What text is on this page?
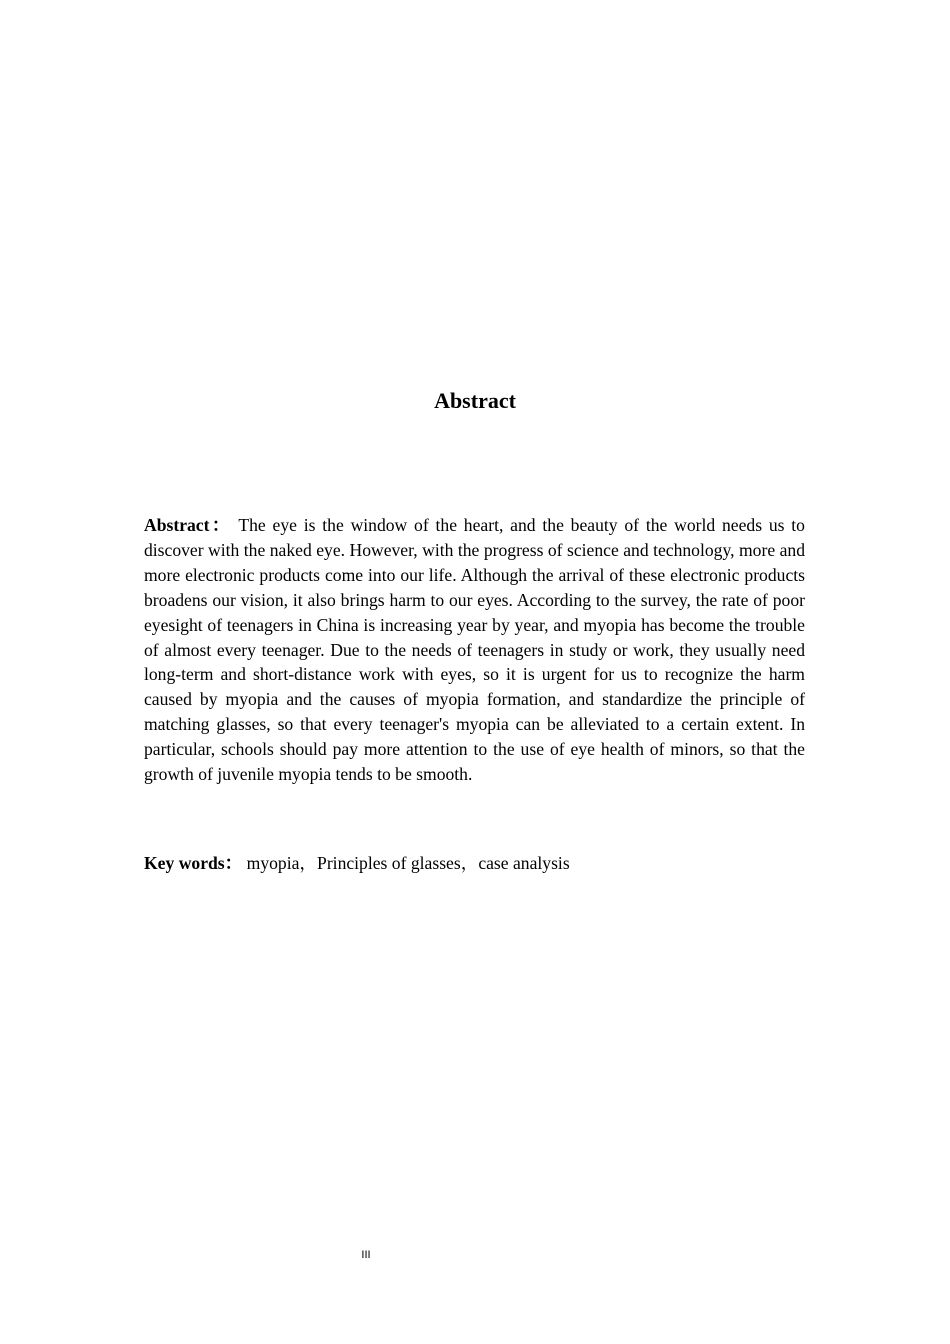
Abstract

Abstract： The eye is the window of the heart, and the beauty of the world needs us to discover with the naked eye. However, with the progress of science and technology, more and more electronic products come into our life. Although the arrival of these electronic products broadens our vision, it also brings harm to our eyes. According to the survey, the rate of poor eyesight of teenagers in China is increasing year by year, and myopia has become the trouble of almost every teenager. Due to the needs of teenagers in study or work, they usually need long-term and short-distance work with eyes, so it is urgent for us to recognize the harm caused by myopia and the causes of myopia formation, and standardize the principle of matching glasses, so that every teenager's myopia can be alleviated to a certain extent. In particular, schools should pay more attention to the use of eye health of minors, so that the growth of juvenile myopia tends to be smooth.

Key words： myopia，Principles of glasses，case analysis

III
